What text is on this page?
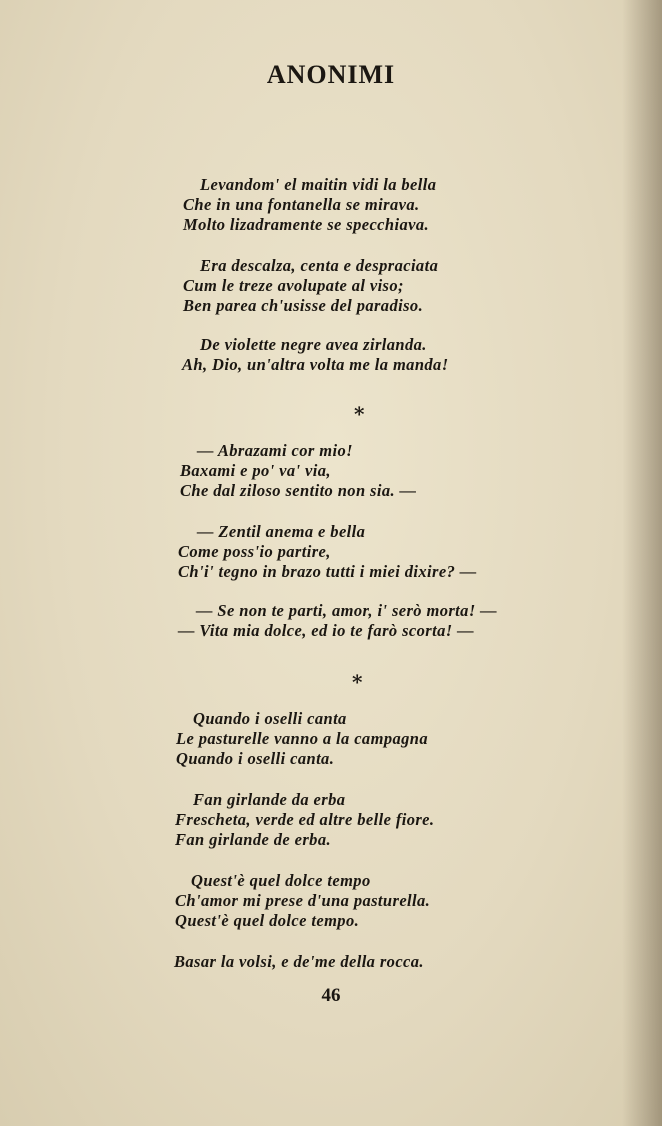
ANONIMI
Levandom' el maitin vidi la bella
Che in una fontanella se mirava.
Molto lizadramente se specchiava.
Era descalza, centa e despraciata
Cum le treze avolupate al viso;
Ben parea ch'usisse del paradiso.
De violette negre avea zirlanda.
Ah, Dio, un'altra volta me la manda!
*
— Abrazami cor mio!
Baxami e po' va' via,
Che dal ziloso sentito non sia. —
— Zentil anema e bella
Come poss'io partire,
Ch'i' tegno in brazo tutti i miei dixire? —
— Se non te parti, amor, i' serò morta! —
— Vita mia dolce, ed io te farò scorta! —
*
Quando i oselli canta
Le pasturelle vanno a la campagna
Quando i oselli canta.
Fan girlande da erba
Frescheta, verde ed altre belle fiore.
Fan girlande de erba.
Quest'è quel dolce tempo
Ch'amor mi prese d'una pasturella.
Quest'è quel dolce tempo.
Basar la volsi, e de'me della rocca.
46
